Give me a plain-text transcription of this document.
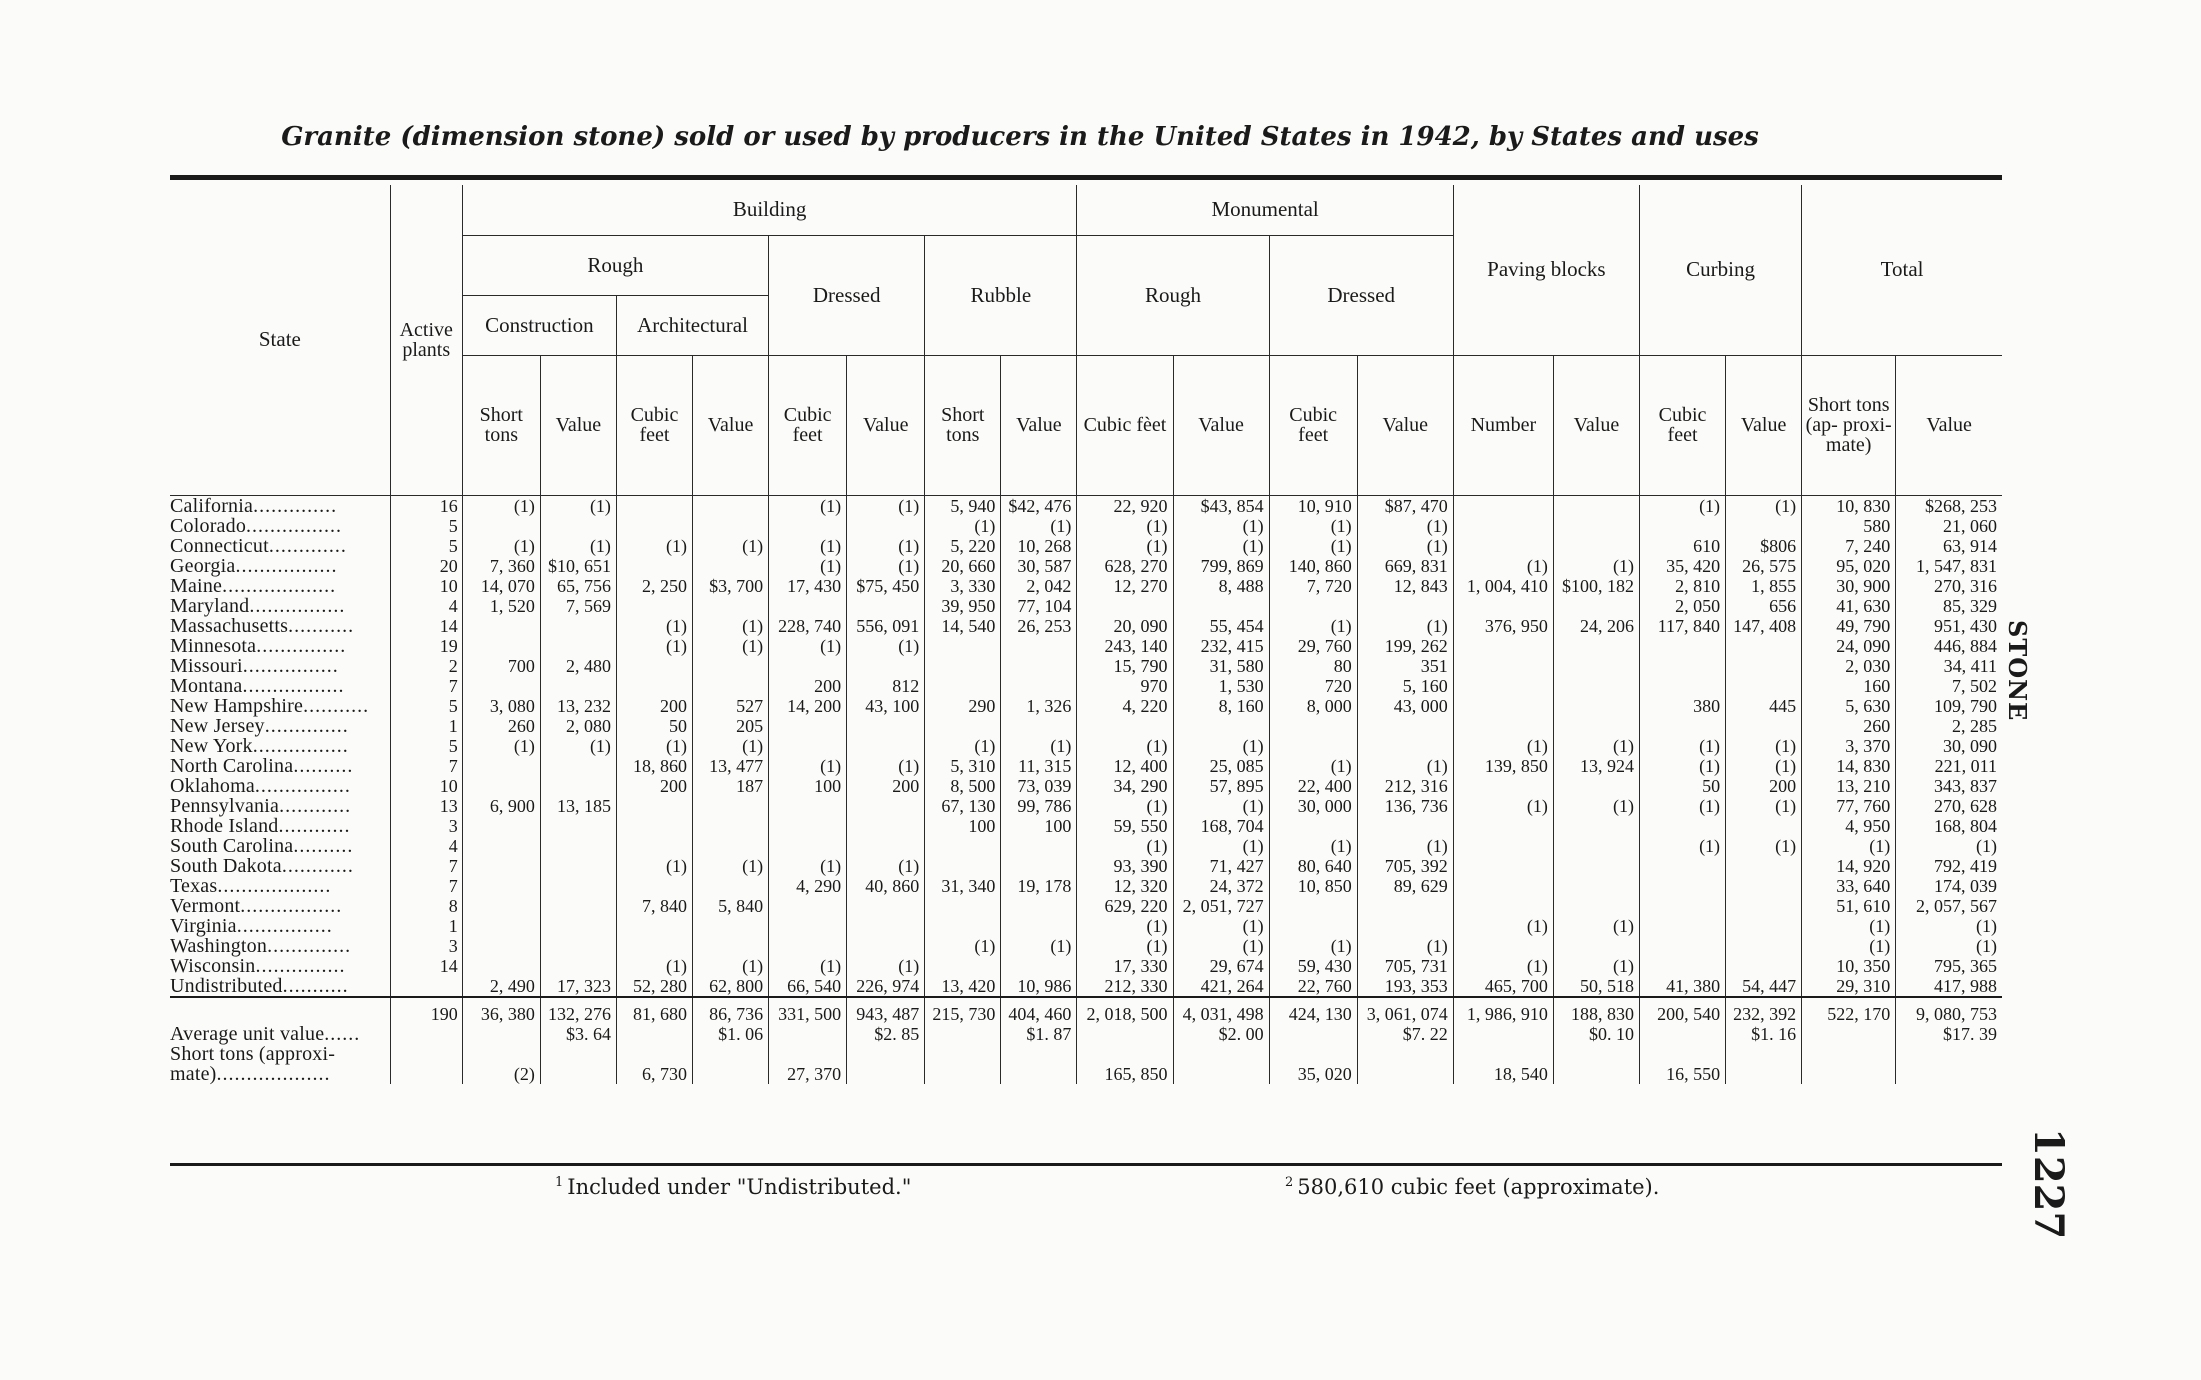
Granite (dimension stone) sold or used by producers in the United States in 1942, by States and uses
State	Active plants	Building								Monumental				Paving blocks		Curbing		Total	
		Rough				Dressed		Rubble		Rough		Dressed							
		Construction		Architectural															
		Short tons	Value	Cubic feet	Value	Cubic feet	Value	Short tons	Value	Cubic fèet	Value	Cubic feet	Value	Number	Value	Cubic feet	Value	Short tons (ap- proxi- mate)	Value
California..............	16	(1)	(1)			(1)	(1)	5, 940	$42, 476	22, 920	$43, 854	10, 910	$87, 470			(1)	(1)	10, 830	$268, 253
Colorado................	5							(1)	(1)	(1)	(1)	(1)	(1)					580	21, 060
Connecticut.............	5	(1)	(1)	(1)	(1)	(1)	(1)	5, 220	10, 268	(1)	(1)	(1)	(1)			610	$806	7, 240	63, 914
Georgia.................	20	7, 360	$10, 651			(1)	(1)	20, 660	30, 587	628, 270	799, 869	140, 860	669, 831	(1)	(1)	35, 420	26, 575	95, 020	1, 547, 831
Maine...................	10	14, 070	65, 756	2, 250	$3, 700	17, 430	$75, 450	3, 330	2, 042	12, 270	8, 488	7, 720	12, 843	1, 004, 410	$100, 182	2, 810	1, 855	30, 900	270, 316
Maryland................	4	1, 520	7, 569					39, 950	77, 104							2, 050	656	41, 630	85, 329
Massachusetts...........	14			(1)	(1)	228, 740	556, 091	14, 540	26, 253	20, 090	55, 454	(1)	(1)	376, 950	24, 206	117, 840	147, 408	49, 790	951, 430
Minnesota...............	19			(1)	(1)	(1)	(1)			243, 140	232, 415	29, 760	199, 262					24, 090	446, 884
Missouri................	2	700	2, 480							15, 790	31, 580	80	351					2, 030	34, 411
Montana.................	7					200	812			970	1, 530	720	5, 160					160	7, 502
New Hampshire...........	5	3, 080	13, 232	200	527	14, 200	43, 100	290	1, 326	4, 220	8, 160	8, 000	43, 000			380	445	5, 630	109, 790
New Jersey..............	1	260	2, 080	50	205													260	2, 285
New York................	5	(1)	(1)	(1)	(1)			(1)	(1)	(1)	(1)			(1)	(1)	(1)	(1)	3, 370	30, 090
North Carolina..........	7			18, 860	13, 477	(1)	(1)	5, 310	11, 315	12, 400	25, 085	(1)	(1)	139, 850	13, 924	(1)	(1)	14, 830	221, 011
Oklahoma................	10			200	187	100	200	8, 500	73, 039	34, 290	57, 895	22, 400	212, 316			50	200	13, 210	343, 837
Pennsylvania............	13	6, 900	13, 185					67, 130	99, 786	(1)	(1)	30, 000	136, 736	(1)	(1)	(1)	(1)	77, 760	270, 628
Rhode Island............	3							100	100	59, 550	168, 704							4, 950	168, 804
South Carolina..........	4									(1)	(1)	(1)	(1)			(1)	(1)	(1)	(1)
South Dakota............	7			(1)	(1)	(1)	(1)			93, 390	71, 427	80, 640	705, 392					14, 920	792, 419
Texas...................	7					4, 290	40, 860	31, 340	19, 178	12, 320	24, 372	10, 850	89, 629					33, 640	174, 039
Vermont.................	8			7, 840	5, 840					629, 220	2, 051, 727							51, 610	2, 057, 567
Virginia................	1									(1)	(1)			(1)	(1)			(1)	(1)
Washington..............	3							(1)	(1)	(1)	(1)	(1)	(1)					(1)	(1)
Wisconsin...............	14			(1)	(1)	(1)	(1)			17, 330	29, 674	59, 430	705, 731	(1)	(1)			10, 350	795, 365
Undistributed...........		2, 490	17, 323	52, 280	62, 800	66, 540	226, 974	13, 420	10, 986	212, 330	421, 264	22, 760	193, 353	465, 700	50, 518	41, 380	54, 447	29, 310	417, 988
	190	36, 380	132, 276	81, 680	86, 736	331, 500	943, 487	215, 730	404, 460	2, 018, 500	4, 031, 498	424, 130	3, 061, 074	1, 986, 910	188, 830	200, 540	232, 392	522, 170	9, 080, 753
Average unit value......			$3. 64		$1. 06		$2. 85		$1. 87		$2. 00		$7. 22		$0. 10		$1. 16		$17. 39

Short tons (approxi-
mate)...................		(2)		6, 730		27, 370				165, 850		35, 020		18, 540		16, 550			
$^1$ Included under "Undistributed."	$^2$ 580,610 cubic feet (approximate).
STONE
1227
